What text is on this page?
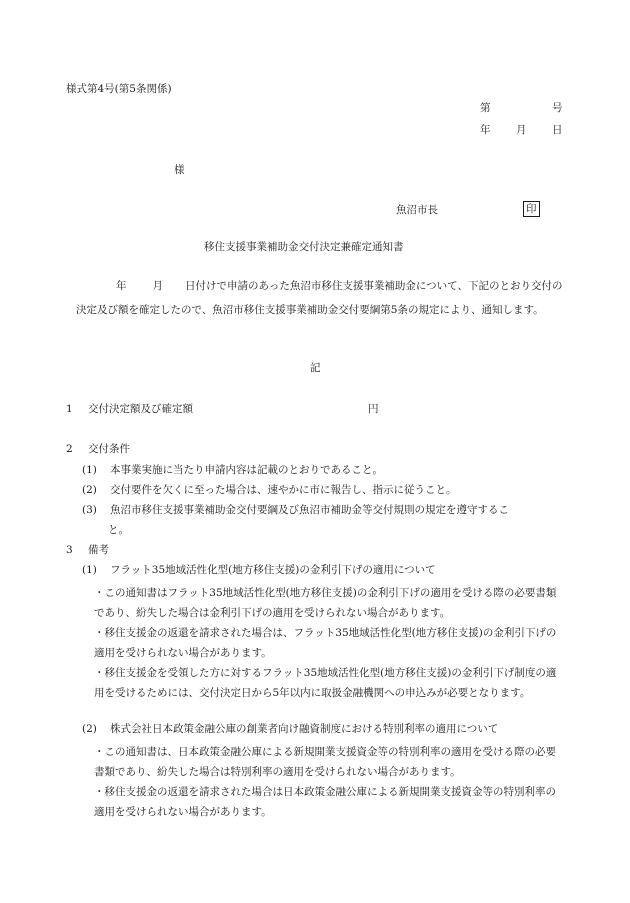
様式第4号(第5条関係)
第	号
年 月 日
様
魚沼市長	印
移住支援事業補助金交付決定兼確定通知書
年 月 日付けで申請のあった魚沼市移住支援事業補助金について、下記のとおり交付の決定及び額を確定したので、魚沼市移住支援事業補助金交付要綱第5条の規定により、通知します。
記
1 交付決定額及び確定額	円
2 交付条件
(1) 本事業実施に当たり申請内容は記載のとおりであること。
(2) 交付要件を欠くに至った場合は、速やかに市に報告し、指示に従うこと。
(3) 魚沼市移住支援事業補助金交付要綱及び魚沼市補助金等交付規則の規定を遵守するこ
と。
3 備考
(1) フラット35地域活性化型(地方移住支援)の金利引下げの適用について
・この通知書はフラット35地域活性化型(地方移住支援)の金利引下げの適用を受ける際の必要書類であり、紛失した場合は金利引下げの適用を受けられない場合があります。
・移住支援金の返還を請求された場合は、フラット35地域活性化型(地方移住支援)の金利引下げの適用を受けられない場合があります。
・移住支援金を受領した方に対するフラット35地域活性化型(地方移住支援)の金利引下げ制度の適用を受けるためには、交付決定日から5年以内に取扱金融機関への申込みが必要となります。
(2) 株式会社日本政策金融公庫の創業者向け融資制度における特別利率の適用について
・この通知書は、日本政策金融公庫による新規開業支援資金等の特別利率の適用を受ける際の必要書類であり、紛失した場合は特別利率の適用を受けられない場合があります。
・移住支援金の返還を請求された場合は日本政策金融公庫による新規開業支援資金等の特別利率の適用を受けられない場合があります。
